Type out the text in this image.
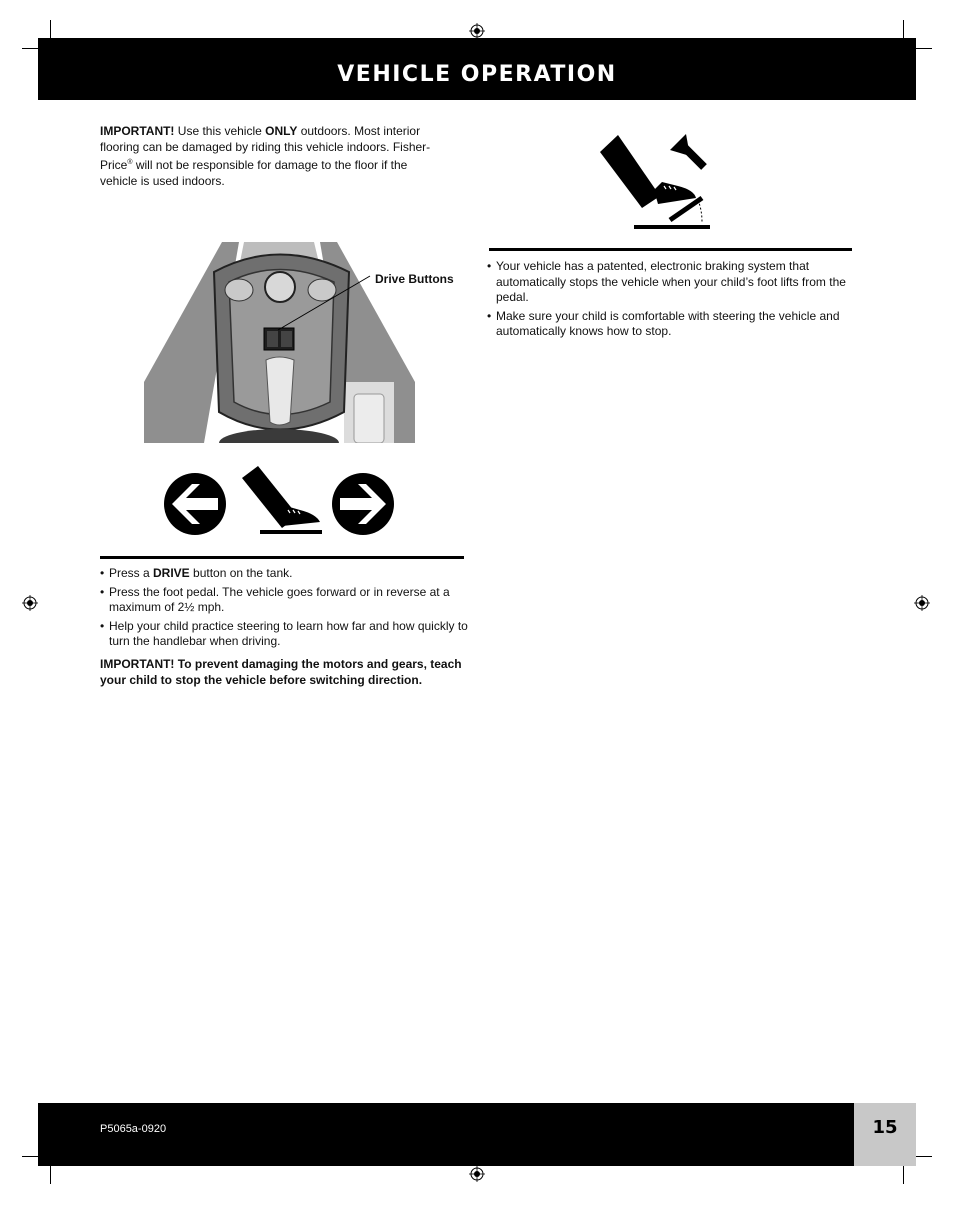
VEHICLE OPERATION
IMPORTANT! Use this vehicle ONLY outdoors. Most interior flooring can be damaged by riding this vehicle indoors. Fisher-Price® will not be responsible for damage to the floor if the vehicle is used indoors.
Drive Buttons
• Press a DRIVE button on the tank.
• Press the foot pedal. The vehicle goes forward or in reverse at a maximum of 2½ mph.
• Help your child practice steering to learn how far and how quickly to turn the handlebar when driving.
IMPORTANT! To prevent damaging the motors and gears, teach your child to stop the vehicle before switching direction.
• Your vehicle has a patented, electronic braking system that automatically stops the vehicle when your child’s foot lifts from the pedal.
• Make sure your child is comfortable with steering the vehicle and automatically knows how to stop.
P5065a-0920	15
